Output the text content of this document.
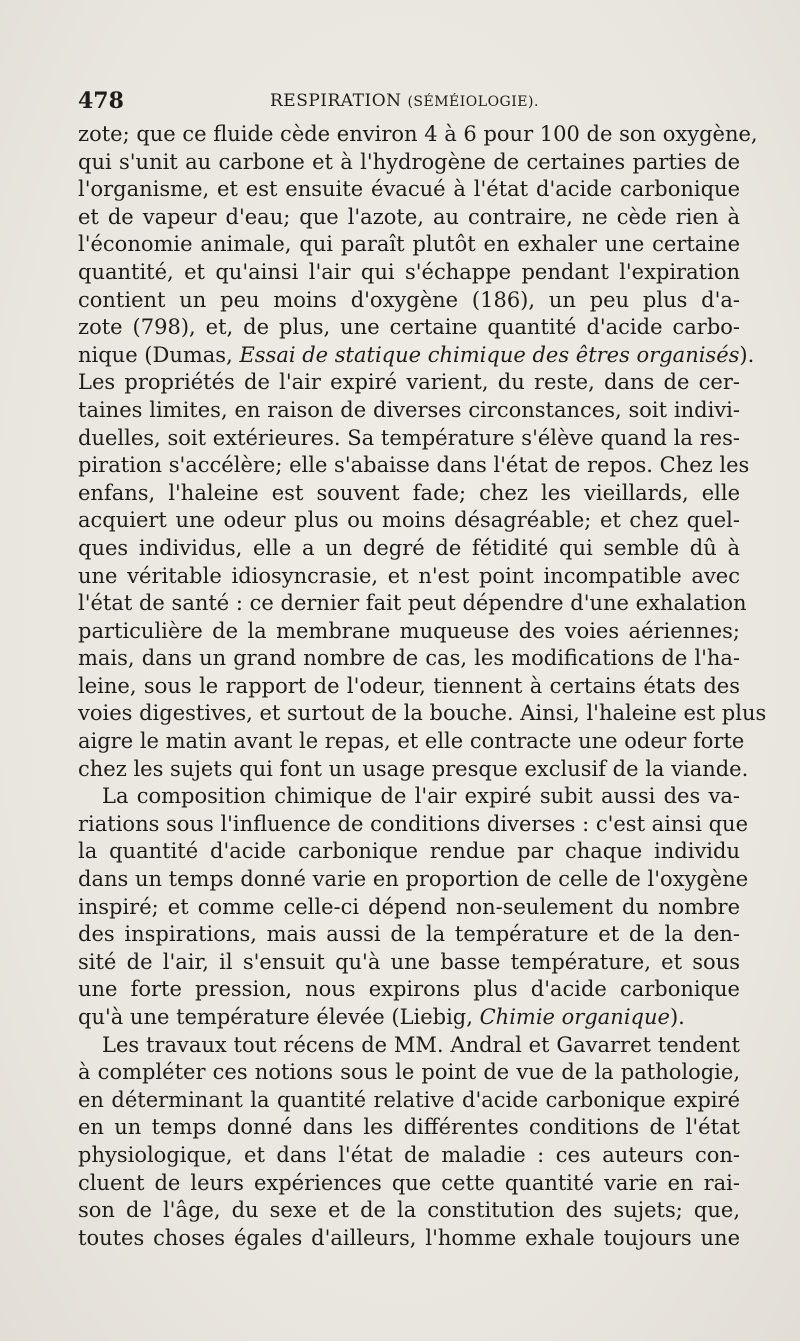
478	RESPIRATION (SÉMÉIOLOGIE).
zote; que ce fluide cède environ 4 à 6 pour 100 de son oxygène,
qui s'unit au carbone et à l'hydrogène de certaines parties de
l'organisme, et est ensuite évacué à l'état d'acide carbonique
et de vapeur d'eau; que l'azote, au contraire, ne cède rien à
l'économie animale, qui paraît plutôt en exhaler une certaine
quantité, et qu'ainsi l'air qui s'échappe pendant l'expiration
contient un peu moins d'oxygène (186), un peu plus d'a-
zote (798), et, de plus, une certaine quantité d'acide carbo-
nique (Dumas, Essai de statique chimique des êtres organisés).
Les propriétés de l'air expiré varient, du reste, dans de cer-
taines limites, en raison de diverses circonstances, soit indivi-
duelles, soit extérieures. Sa température s'élève quand la res-
piration s'accélère; elle s'abaisse dans l'état de repos. Chez les
enfans, l'haleine est souvent fade; chez les vieillards, elle
acquiert une odeur plus ou moins désagréable; et chez quel-
ques individus, elle a un degré de fétidité qui semble dû à
une véritable idiosyncrasie, et n'est point incompatible avec
l'état de santé : ce dernier fait peut dépendre d'une exhalation
particulière de la membrane muqueuse des voies aériennes;
mais, dans un grand nombre de cas, les modifications de l'ha-
leine, sous le rapport de l'odeur, tiennent à certains états des
voies digestives, et surtout de la bouche. Ainsi, l'haleine est plus
aigre le matin avant le repas, et elle contracte une odeur forte
chez les sujets qui font un usage presque exclusif de la viande.
La composition chimique de l'air expiré subit aussi des va-
riations sous l'influence de conditions diverses : c'est ainsi que
la quantité d'acide carbonique rendue par chaque individu
dans un temps donné varie en proportion de celle de l'oxygène
inspiré; et comme celle-ci dépend non-seulement du nombre
des inspirations, mais aussi de la température et de la den-
sité de l'air, il s'ensuit qu'à une basse température, et sous
une forte pression, nous expirons plus d'acide carbonique
qu'à une température élevée (Liebig, Chimie organique).
Les travaux tout récens de MM. Andral et Gavarret tendent
à compléter ces notions sous le point de vue de la pathologie,
en déterminant la quantité relative d'acide carbonique expiré
en un temps donné dans les différentes conditions de l'état
physiologique, et dans l'état de maladie : ces auteurs con-
cluent de leurs expériences que cette quantité varie en rai-
son de l'âge, du sexe et de la constitution des sujets; que,
toutes choses égales d'ailleurs, l'homme exhale toujours une
